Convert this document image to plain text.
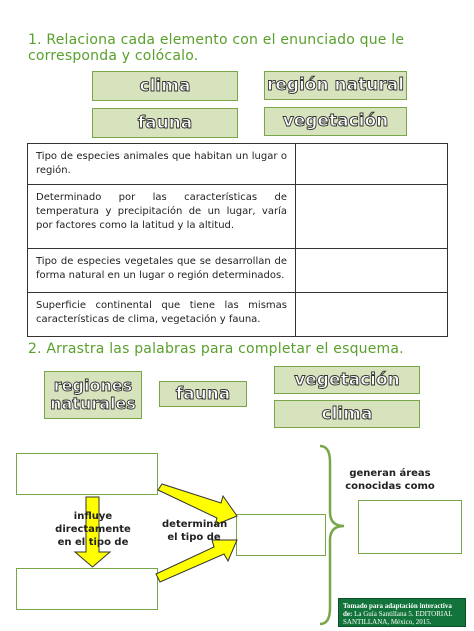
1. Relaciona cada elemento con el enunciado que le corresponda y colócalo.
clima	región natural
fauna	vegetación
Tipo de especies animales que habitan un lugar o región.	
Determinado por las características de temperatura y precipitación de un lugar, varía por factores como la latitud y la altitud.	
Tipo de especies vegetales que se desarrollan de forma natural en un lugar o región determinados.	
Superficie continental que tiene las mismas características de clima, vegetación y fauna.	
2. Arrastra las palabras para completar el esquema.
regiones naturales	fauna
vegetación
clima
influye directamente en el tipo de
determinan el tipo de
generan áreas conocidas como
Tomado para adaptación interactiva de: La Guía Santillana 5. EDITORIAL SANTILLANA, México, 2015.
